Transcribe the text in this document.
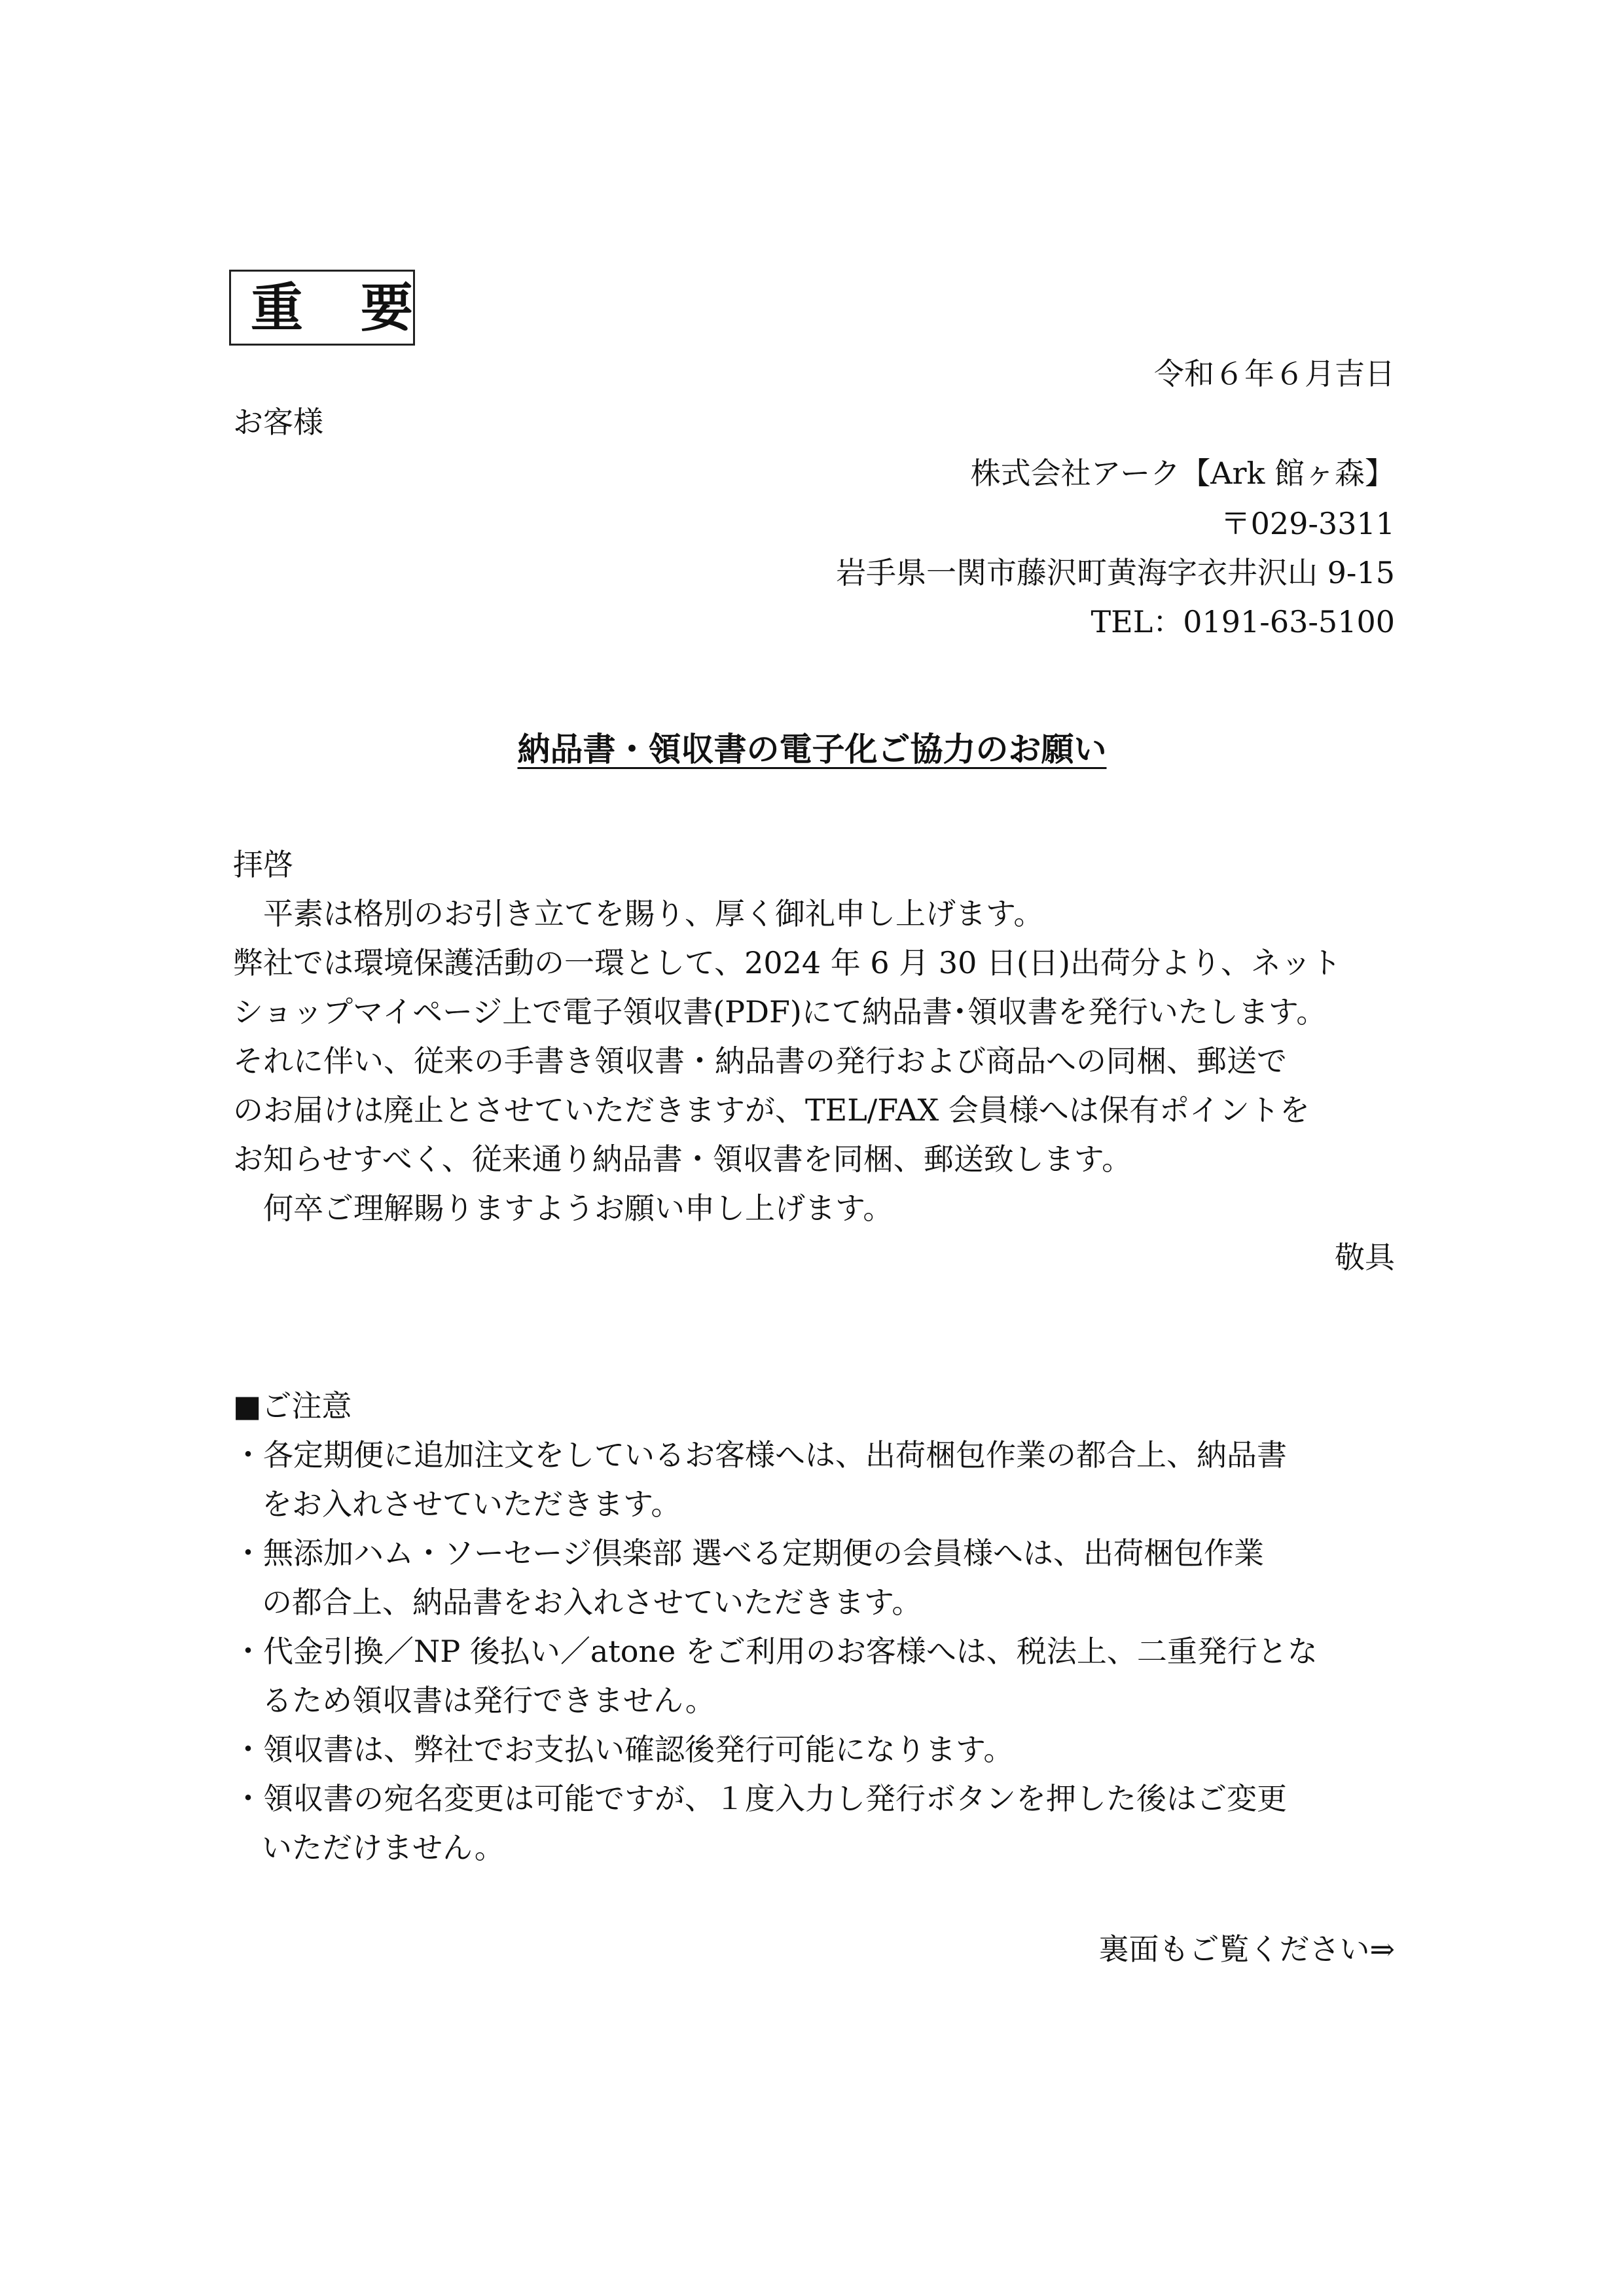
重 要
令和６年６月吉日
お客様
株式会社アーク【Ark 館ヶ森】
〒029-3311
岩手県一関市藤沢町黄海字衣井沢山 9-15
TEL：0191-63-5100
納品書・領収書の電子化ご協力のお願い
拝啓
　平素は格別のお引き立てを賜り、厚く御礼申し上げます。
弊社では環境保護活動の一環として、2024 年 6 月 30 日(日)出荷分より、ネット
ショップマイページ上で電子領収書(PDF)にて納品書･領収書を発行いたします。
それに伴い、従来の手書き領収書・納品書の発行および商品への同梱、郵送で
のお届けは廃止とさせていただきますが、TEL/FAX 会員様へは保有ポイントを
お知らせすべく、従来通り納品書・領収書を同梱、郵送致します。
　何卒ご理解賜りますようお願い申し上げます。
敬具
■ご注意
・各定期便に追加注文をしているお客様へは、出荷梱包作業の都合上、納品書
をお入れさせていただきます。
・無添加ハム・ソーセージ倶楽部 選べる定期便の会員様へは、出荷梱包作業
の都合上、納品書をお入れさせていただきます。
・代金引換／NP 後払い／atone をご利用のお客様へは、税法上、二重発行とな
るため領収書は発行できません。
・領収書は、弊社でお支払い確認後発行可能になります。
・領収書の宛名変更は可能ですが、１度入力し発行ボタンを押した後はご変更
いただけません。
裏面もご覧ください⇒
